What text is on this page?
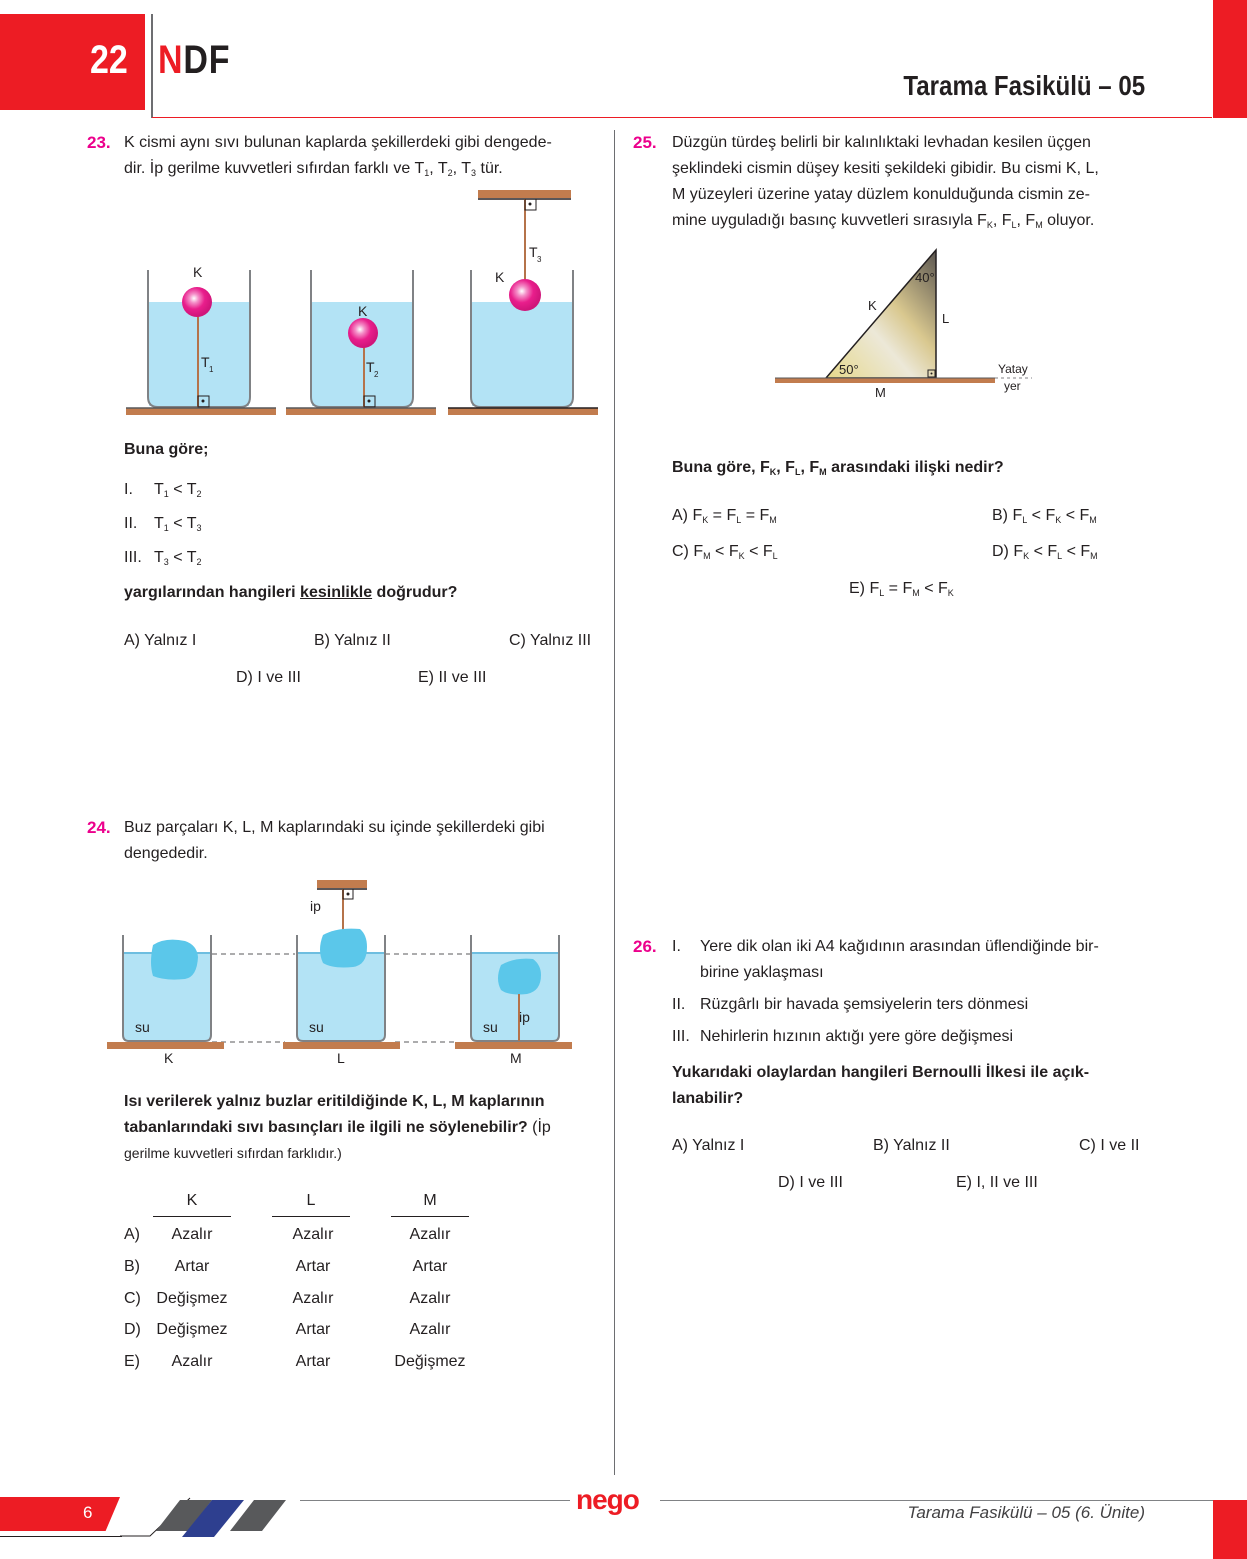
22 NDF
Tarama Fasikülü – 05
23. K cismi aynı sıvı bulunan kaplarda şekillerdeki gibi dengede-
dir. İp gerilme kuvvetleri sıfırdan farklı ve $T_1$, $T_2$, $T_3$ tür.
K
T 1
K
T 2
K
T 3
Buna göre;
I. $T_1 < T_2$
II. $T_1 < T_3$
III. $T_3 < T_2$
yargılarından hangileri kesinlikle doğrudur?
A) Yalnız I	B) Yalnız II	C) Yalnız III
D) I ve III	E) II ve III
24. Buz parçaları K, L, M kaplarındaki su içinde şekillerdeki gibi
dengededir.
su
K
ip
su
L
su
ip
M
Isı verilerek yalnız buzlar eritildiğinde K, L, M kaplarının
tabanlarındaki sıvı basınçları ile ilgili ne söylenebilir? (İp
gerilme kuvvetleri sıfırdan farklıdır.)
K	L	M
A)	Azalır	Azalır	Azalır
B)	Artar	Artar	Artar
C) Değişmez	Azalır	Azalır
D) Değişmez	Artar	Azalır
E)	Azalır	Artar	Değişmez
25. Düzgün türdeş belirli bir kalınlıktaki levhadan kesilen üçgen
şeklindeki cismin düşey kesiti şekildeki gibidir. Bu cismi K, L,
M yüzeyleri üzerine yatay düzlem konulduğunda cismin ze-
mine uyguladığı basınç kuvvetleri sırasıyla $F_K$, $F_L$, $F_M$ oluyor.
40°
50°
K
L
M
Yatay
yer
Buna göre, $F_K$, $F_L$, $F_M$ arasındaki ilişki nedir?
A) $F_K = F_L = F_M$	B) $F_L < F_K < F_M$
C) $F_M < F_K < F_L$	D) $F_K < F_L < F_M$
E) $F_L = F_M < F_K$
26. I.	Yere dik olan iki A4 kağıdının arasından üflendiğinde bir-
birine yaklaşması
II. Rüzgârlı bir havada şemsiyelerin ters dönmesi
III. Nehirlerin hızının aktığı yere göre değişmesi
Yukarıdaki olaylardan hangileri Bernoulli İlkesi ile açık-
lanabilir?
A) Yalnız I	B) Yalnız II	C) I ve II
D) I ve III	E) I, II ve III
6	nego	Tarama Fasikülü – 05 (6. Ünite)
